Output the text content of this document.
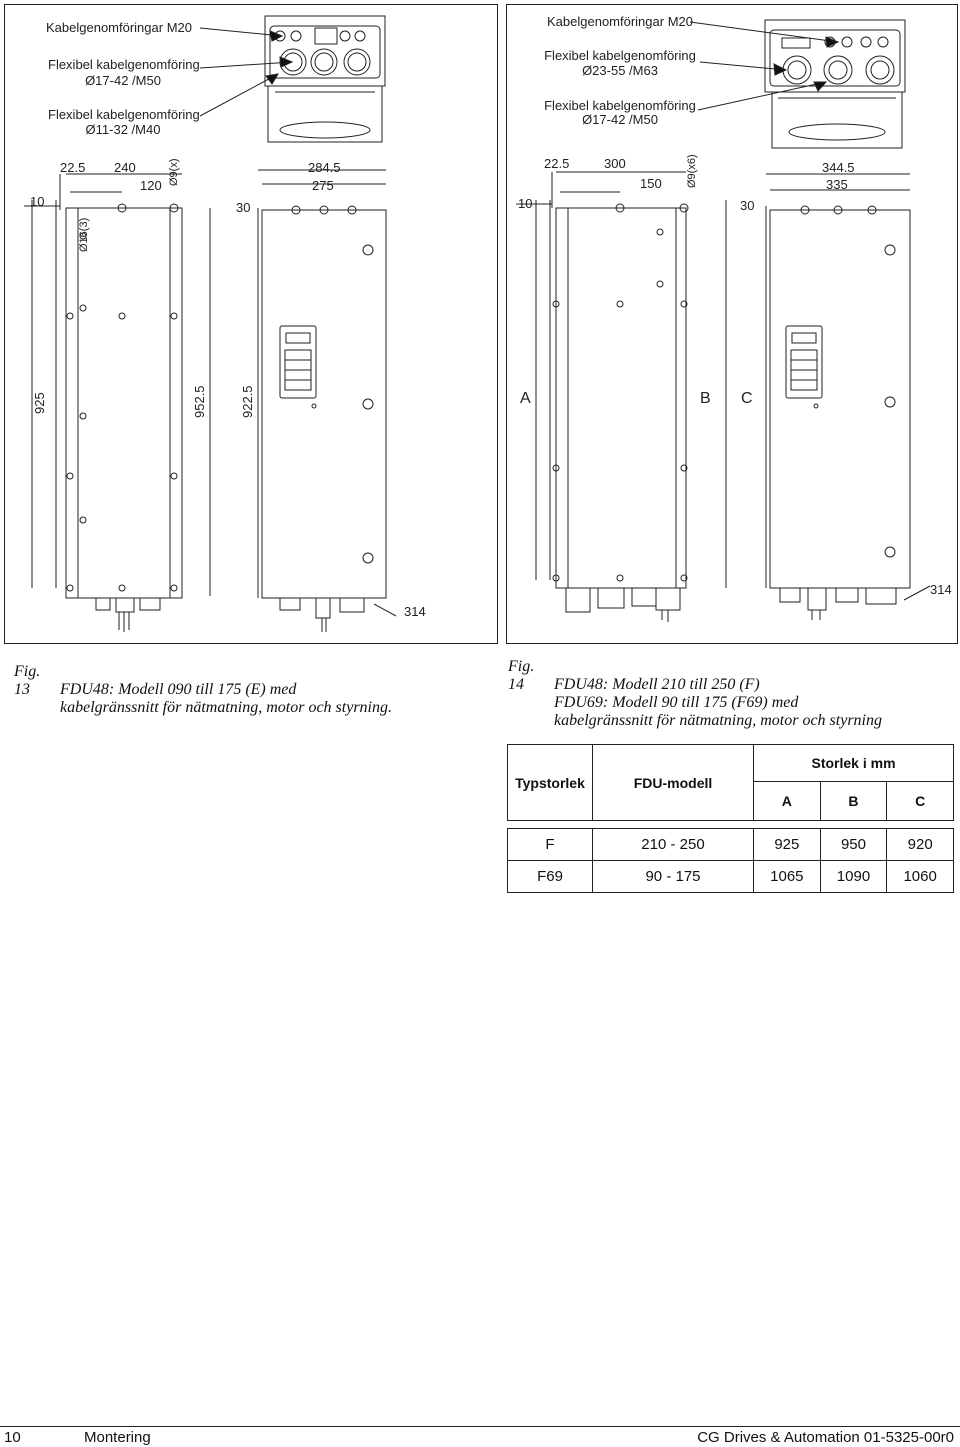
Kabelgenomföringar M20
Flexibel kabelgenomföring
Ø17-42 /M50
Flexibel kabelgenomföring
Ø11-32 /M40
10
22.5 240
120 Ø9(x)
Ø16(3)
30
284.5
275
925	952.5	922.5
314
Fig. 13 FDU48: Modell 090 till 175 (E) med
kabelgränssnitt för nätmatning, motor och styrning.
Kabelgenomföringar M20
Flexibel kabelgenomföring
Ø23-55 /M63
Flexibel kabelgenomföring
Ø17-42 /M50
10
22.5	300
150 Ø9(x6)
30
344.5
335
A	B C
314
Fig. 14 FDU48: Modell 210 till 250 (F)
FDU69: Modell 90 till 175 (F69) med
kabelgränssnitt för nätmatning, motor och styrning
Typstorlek	FDU-modell	Storlek i mm		
		A	B	C

F	210 - 250	925	950	920
F69	90 - 175	1065	1090	1060
10	Montering	CG Drives & Automation 01-5325-00r0
